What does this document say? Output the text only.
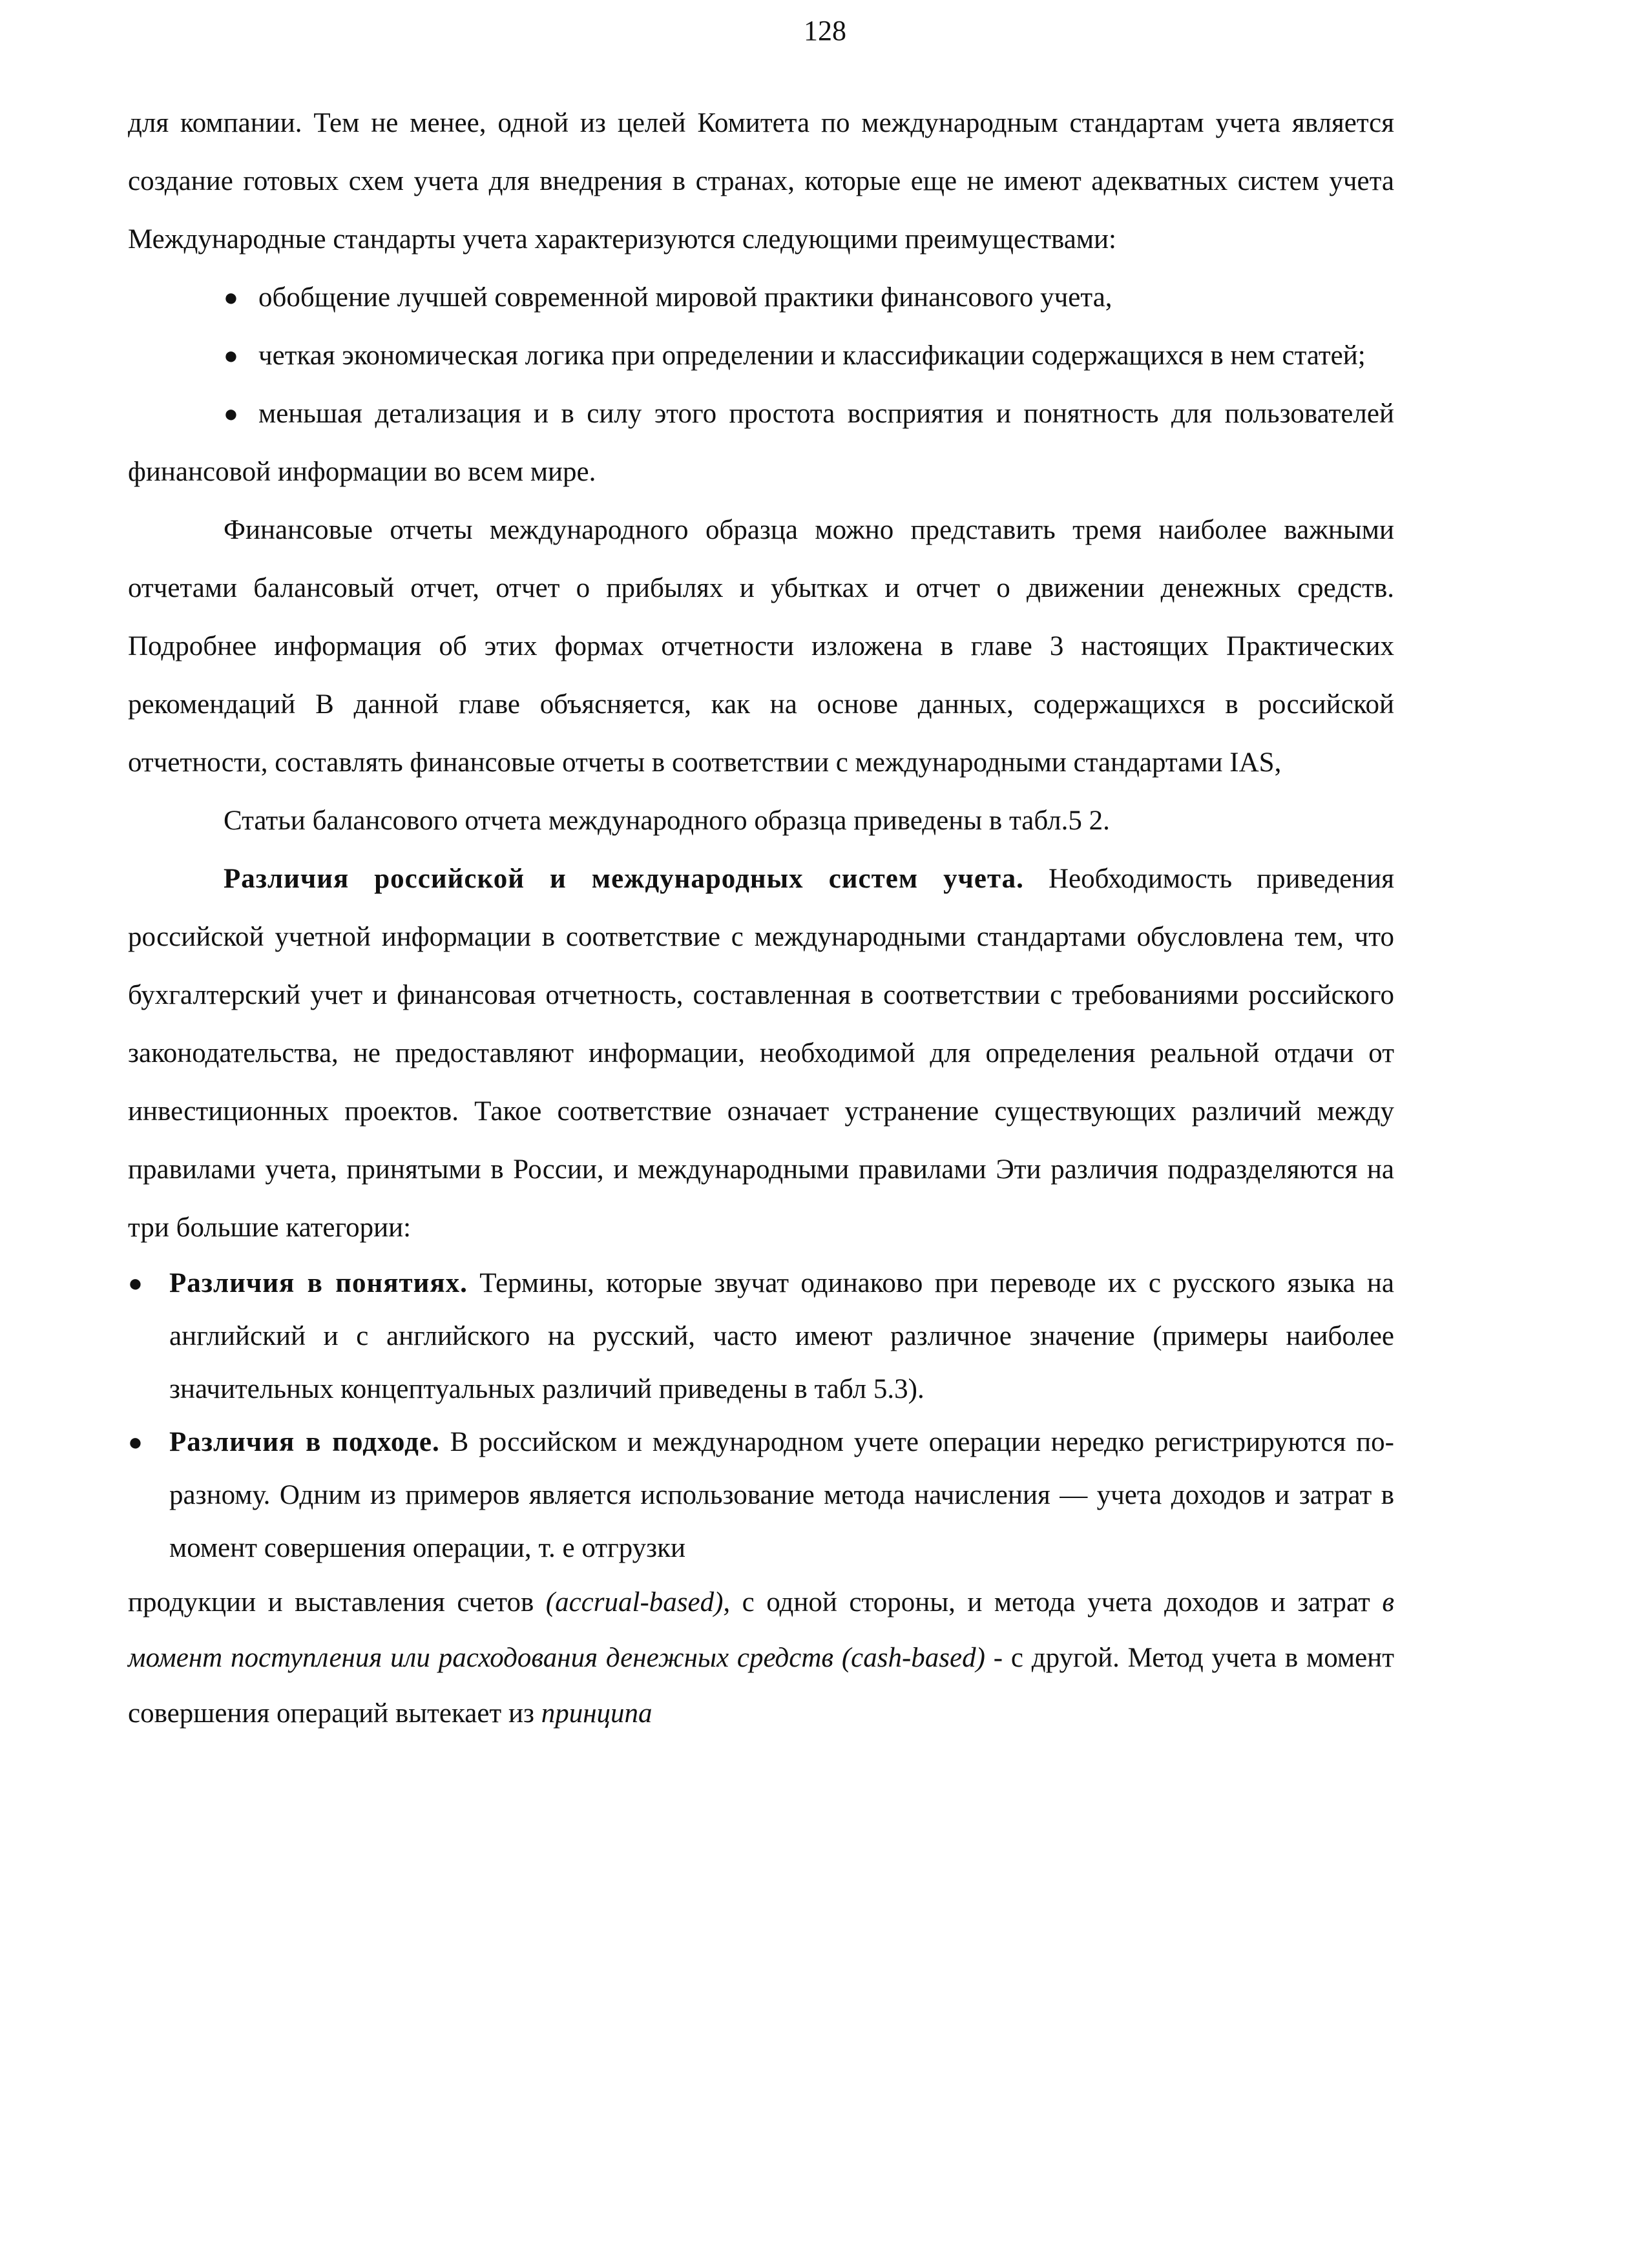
128

для компании. Тем не менее, одной из целей Комитета по международным стандартам учета является создание готовых схем учета для внедрения в странах, которые еще не имеют адекватных систем учета Международные стандарты учета характеризуются следующими преимуществами:

● обобщение лучшей современной мировой практики финансового учета,

● четкая экономическая логика при определении и классификации содержащихся в нем статей;

● меньшая детализация и в силу этого простота восприятия и понятность для пользователей финансовой информации во всем мире.

Финансовые отчеты международного образца можно представить тремя наиболее важными отчетами балансовый отчет, отчет о прибылях и убытках и отчет о движении денежных средств. Подробнее информация об этих формах отчетности изложена в главе 3 настоящих Практических рекомендаций В данной главе объясняется, как на основе данных, содержащихся в российской отчетности, составлять финансовые отчеты в соответствии с международными стандартами IAS,

Статьи балансового отчета международного образца приведены в табл.5 2.

Различия российской и международных систем учета. Необходимость приведения российской учетной информации в соответствие с международными стандартами обусловлена тем, что бухгалтерский учет и финансовая отчетность, составленная в соответствии с требованиями российского законодательства, не предоставляют информации, необходимой для определения реальной отдачи от инвестиционных проектов. Такое соответствие означает устранение существующих различий между правилами учета, принятыми в России, и международными правилами Эти различия подразделяются на три большие категории:

● Различия в понятиях. Термины, которые звучат одинаково при переводе их с русского языка на английский и с английского на русский, часто имеют различное значение (примеры наиболее значительных концептуальных различий приведены в табл 5.3).

● Различия в подходе. В российском и международном учете операции нередко регистрируются по-разному. Одним из примеров является использование метода начисления — учета доходов и затрат в момент совершения операции, т. е отгрузки

продукции и выставления счетов (accrual-based), с одной стороны, и метода учета доходов и затрат в момент поступления или расходования денежных средств (cash-based) - с другой. Метод учета в момент совершения операций вытекает из принципа
